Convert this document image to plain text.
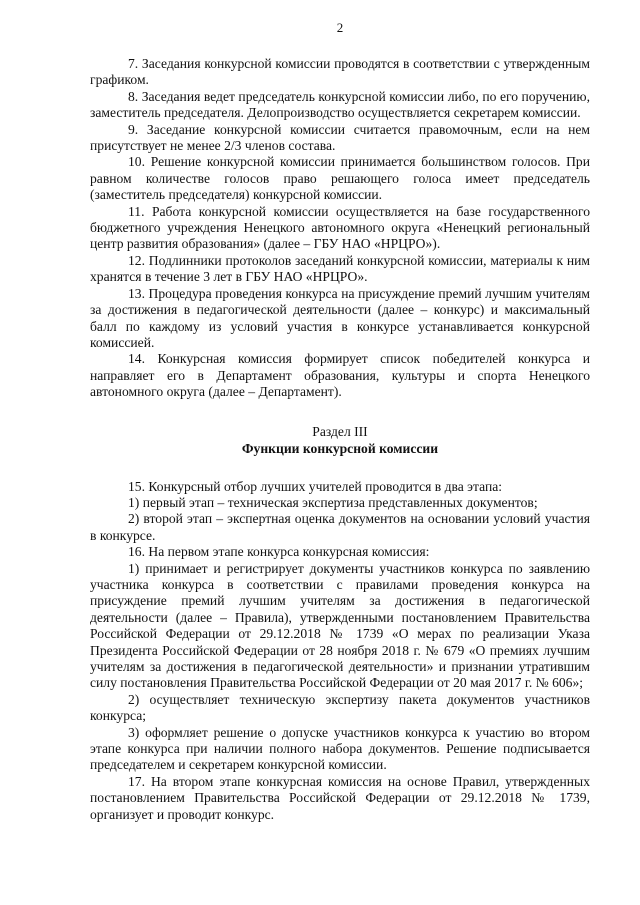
2

7. Заседания конкурсной комиссии проводятся в соответствии с утвержденным графиком.

8. Заседания ведет председатель конкурсной комиссии либо, по его поручению, заместитель председателя. Делопроизводство осуществляется секретарем комиссии.

9. Заседание конкурсной комиссии считается правомочным, если на нем присутствует не менее 2/3 членов состава.

10. Решение конкурсной комиссии принимается большинством голосов. При равном количестве голосов право решающего голоса имеет председатель (заместитель председателя) конкурсной комиссии.

11. Работа конкурсной комиссии осуществляется на базе государственного бюджетного учреждения Ненецкого автономного округа «Ненецкий региональный центр развития образования» (далее – ГБУ НАО «НРЦРО»).

12. Подлинники протоколов заседаний конкурсной комиссии, материалы к ним хранятся в течение 3 лет в ГБУ НАО «НРЦРО».

13. Процедура проведения конкурса на присуждение премий лучшим учителям за достижения в педагогической деятельности (далее – конкурс) и максимальный балл по каждому из условий участия в конкурсе устанавливается конкурсной комиссией.

14. Конкурсная комиссия формирует список победителей конкурса и направляет его в Департамент образования, культуры и спорта Ненецкого автономного округа (далее – Департамент).

Раздел III

Функции конкурсной комиссии

15. Конкурсный отбор лучших учителей проводится в два этапа:

1) первый этап – техническая экспертиза представленных документов;

2) второй этап – экспертная оценка документов на основании условий участия в конкурсе.

16. На первом этапе конкурса конкурсная комиссия:

1) принимает и регистрирует документы участников конкурса по заявлению участника конкурса в соответствии с правилами проведения конкурса на присуждение премий лучшим учителям за достижения в педагогической деятельности (далее – Правила), утвержденными постановлением Правительства Российской Федерации от 29.12.2018 № 1739 «О мерах по реализации Указа Президента Российской Федерации от 28 ноября 2018 г. № 679 «О премиях лучшим учителям за достижения в педагогической деятельности» и признании утратившим силу постановления Правительства Российской Федерации от 20 мая 2017 г. № 606»;

2) осуществляет техническую экспертизу пакета документов участников конкурса;

3) оформляет решение о допуске участников конкурса к участию во втором этапе конкурса при наличии полного набора документов. Решение подписывается председателем и секретарем конкурсной комиссии.

17. На втором этапе конкурсная комиссия на основе Правил, утвержденных постановлением Правительства Российской Федерации от 29.12.2018 № 1739, организует и проводит конкурс.
